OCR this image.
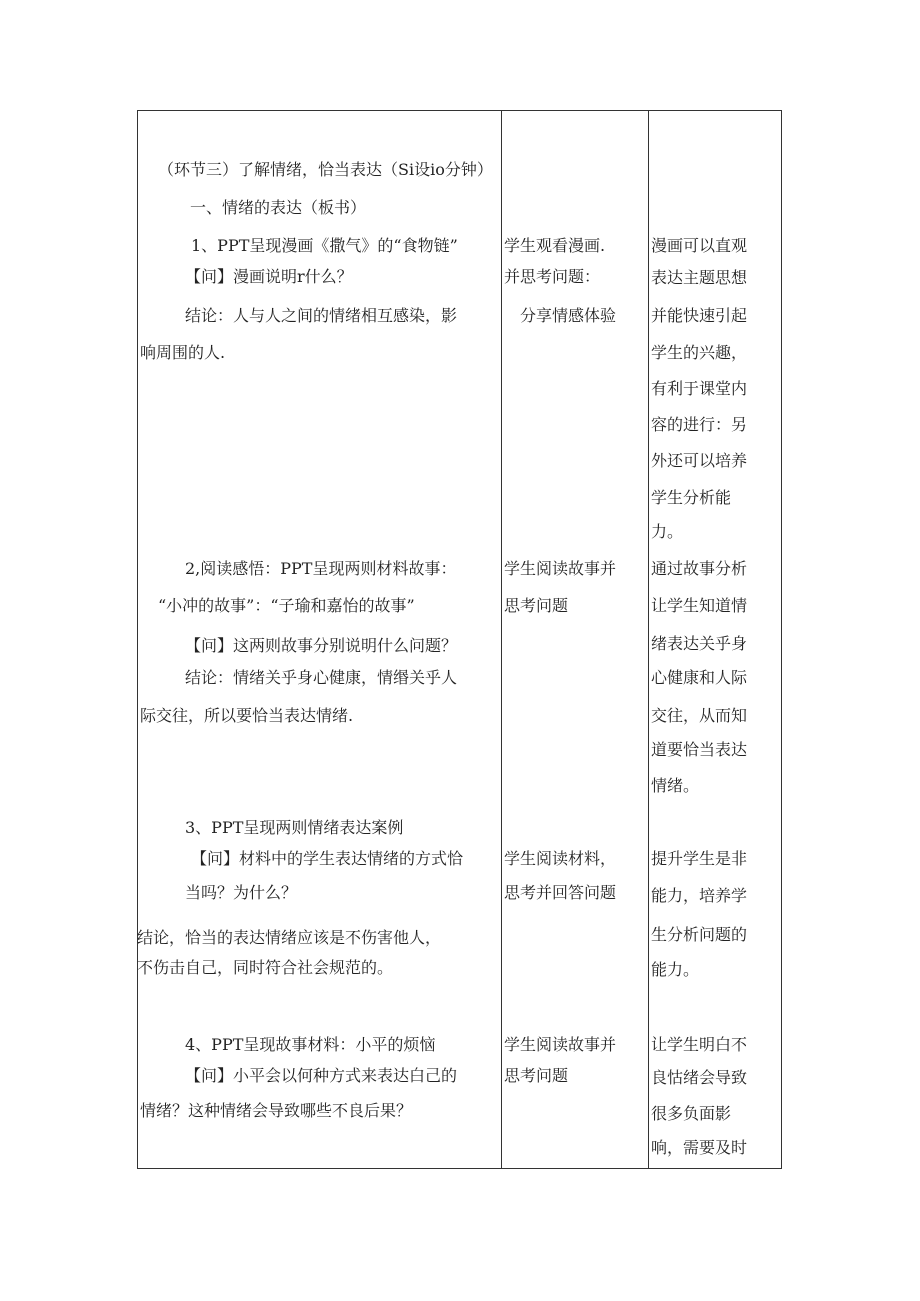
（环节三）了解情绪，恰当表达（Si设io分钟）
一、情绪的表达（板书）
1、PPT呈现漫画《撒气》的“食物链”
【问】漫画说明r什么？
结论：人与人之间的情绪相互感染，影
响周围的人.
2,阅读感悟：PPT呈现两则材料故事：
“小冲的故事”：“子瑜和嘉怡的故事”
【问】这两则故事分别说明什么问题？
结论：情绪关乎身心健康，情缗关乎人
际交往，所以要恰当表达情绪.
3、PPT呈现两则情绪表达案例
【问】材料中的学生表达情绪的方式恰
当吗？为什么？
结论，恰当的表达情绪应该是不伤害他人，
不伤击自己，同时符合社会规范的。
4、PPT呈现故事材料：小平的烦恼
【问】小平会以何种方式来表达白己的
情绪？这种情绪会导致哪些不良后果？
学生观看漫画.
并思考问题：
分享情感体验
学生阅读故事并
思考问题
学生阅读材料，
思考并回答问题
学生阅读故事并
思考问题
漫画可以直观
表达主题思想
并能快速引起
学生的兴趣，
有利于课堂内
容的进行：另
外还可以培养
学生分析能
力。
通过故事分析
让学生知道情
绪表达关乎身
心健康和人际
交往，从而知
道要恰当表达
情绪。
提升学生是非
能力，培养学
生分析问题的
能力。
让学生明白不
良怙绪会导致
很多负面影
响，需要及时
